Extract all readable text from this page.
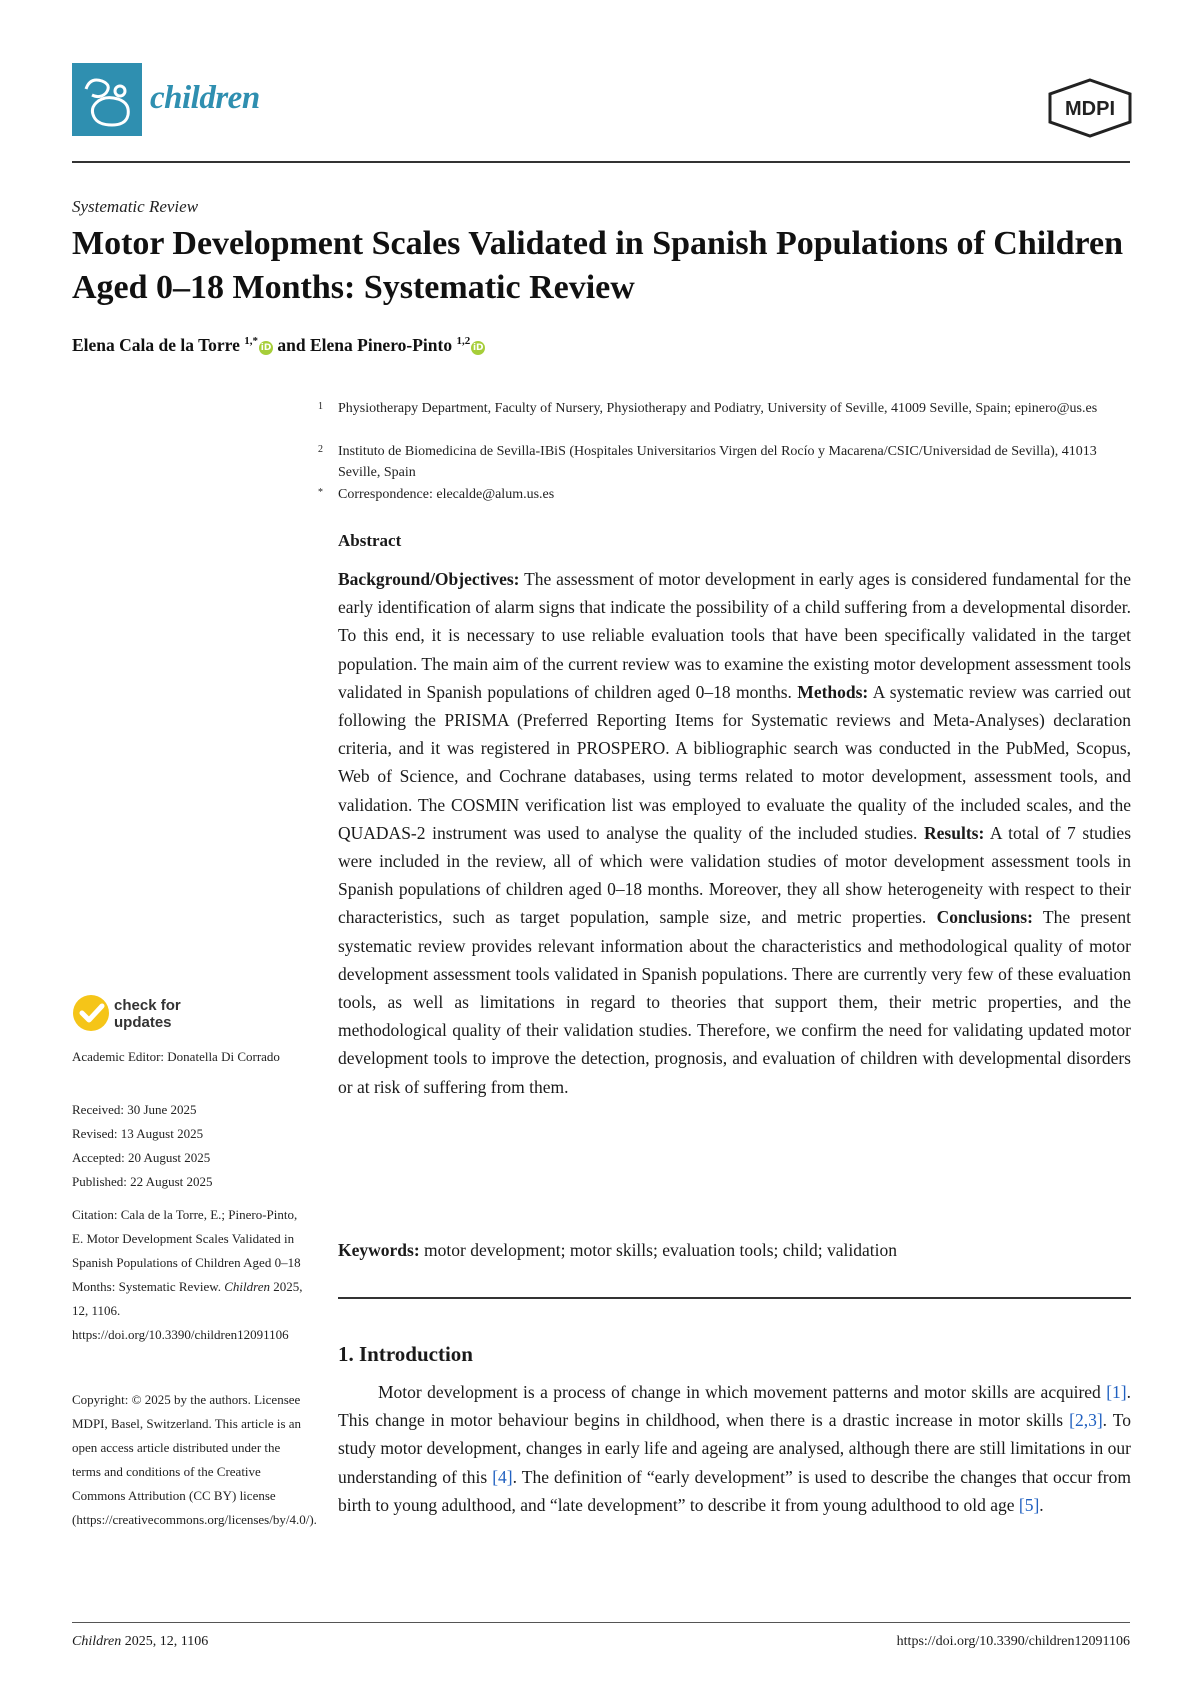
children	MDPI
Systematic Review
Motor Development Scales Validated in Spanish Populations of Children Aged 0–18 Months: Systematic Review
Elena Cala de la Torre $^{1,*}$iD and Elena Pinero-Pinto $^{1,2}$iD
1 Physiotherapy Department, Faculty of Nursery, Physiotherapy and Podiatry, University of Seville, 41009 Seville, Spain; epinero@us.es
2 Instituto de Biomedicina de Sevilla-IBiS (Hospitales Universitarios Virgen del Rocío y Macarena/CSIC/Universidad de Sevilla), 41013 Seville, Spain
* Correspondence: elecalde@alum.us.es
Abstract
Background/Objectives: The assessment of motor development in early ages is considered fundamental for the early identification of alarm signs that indicate the possibility of a child suffering from a developmental disorder. To this end, it is necessary to use reliable evaluation tools that have been specifically validated in the target population. The main aim of the current review was to examine the existing motor development assessment tools validated in Spanish populations of children aged 0–18 months. Methods: A systematic review was carried out following the PRISMA (Preferred Reporting Items for Systematic reviews and Meta-Analyses) declaration criteria, and it was registered in PROSPERO. A bibliographic search was conducted in the PubMed, Scopus, Web of Science, and Cochrane databases, using terms related to motor development, assessment tools, and validation. The COSMIN verification list was employed to evaluate the quality of the included scales, and the QUADAS-2 instrument was used to analyse the quality of the included studies. Results: A total of 7 studies were included in the review, all of which were validation studies of motor development assessment tools in Spanish populations of children aged 0–18 months. Moreover, they all show heterogeneity with respect to their characteristics, such as target population, sample size, and metric properties. Conclusions: The present systematic review provides relevant information about the characteristics and methodological quality of motor development assessment tools validated in Spanish populations. There are currently very few of these evaluation tools, as well as limitations in regard to theories that support them, their metric properties, and the methodological quality of their validation studies. Therefore, we confirm the need for validating updated motor development tools to improve the detection, prognosis, and evaluation of children with developmental disorders or at risk of suffering from them.
Keywords: motor development; motor skills; evaluation tools; child; validation
1. Introduction
Motor development is a process of change in which movement patterns and motor skills are acquired [1]. This change in motor behaviour begins in childhood, when there is a drastic increase in motor skills [2,3]. To study motor development, changes in early life and ageing are analysed, although there are still limitations in our understanding of this [4]. The definition of “early development” is used to describe the changes that occur from birth to young adulthood, and “late development” to describe it from young adulthood to old age [5].
check for
updates
Academic Editor: Donatella Di Corrado
Received: 30 June 2025
Revised: 13 August 2025
Accepted: 20 August 2025
Published: 22 August 2025
Citation: Cala de la Torre, E.; Pinero-Pinto, E. Motor Development Scales Validated in Spanish Populations of Children Aged 0–18 Months: Systematic Review. Children 2025, 12, 1106. https://doi.org/10.3390/children12091106
Copyright: © 2025 by the authors. Licensee MDPI, Basel, Switzerland. This article is an open access article distributed under the terms and conditions of the Creative Commons Attribution (CC BY) license (https://creativecommons.org/licenses/by/4.0/).
Children 2025, 12, 1106	https://doi.org/10.3390/children12091106
